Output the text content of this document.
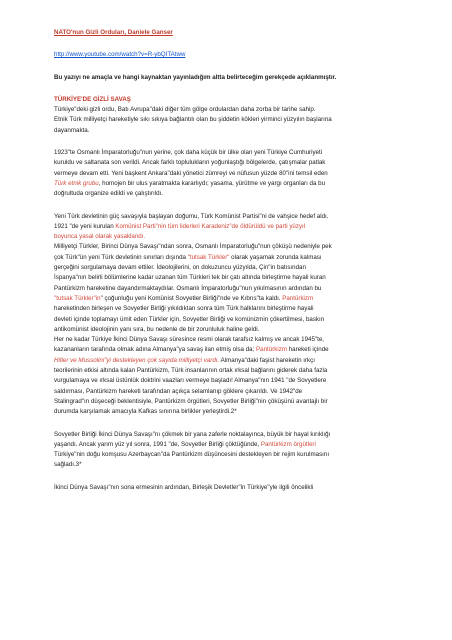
NATO'nun Gizli Orduları, Daniele Ganser
http://www.youtube.com/watch?v=R-ybQITAtww
Bu yazıyı ne amaçla ve hangi kaynaktan yayınladığım altta belirteceğim gerekçede açıklanmıştır.
TÜRKİYE'DE GİZLİ SAVAŞ
Türkiye"deki gizli ordu, Batı Avrupa"daki diğer tüm gölge ordulardan daha zorba bir tarihe sahip.
Etnik Türk milliyetçi hareketiyle sıkı sıkıya bağlantılı olan bu şiddetin kökleri yirminci yüzyılın başlarına
dayanmakta.
1923"te Osmanlı İmparatorluğu"nun yerine, çok daha küçük bir ülke olan yeni Türkiye Cumhuriyeti
kuruldu ve saltanata son verildi. Ancak farklı toplulukların yoğunlaştığı bölgelerde, çatışmalar patlak
vermeye devam etti. Yeni başkent Ankara"daki yönetici zümreyi ve nüfusun yüzde 80"ini temsil eden
Türk etnik grubu, homojen bir ulus yaratmakta kararlıydı; yasama, yürütme ve yargı organları da bu
doğrultuda organize edildi ve çalıştırıldı.
Yeni Türk devletinin güç savaşıyla başlayan doğumu, Türk Komünist Partisi"ni de vahşice hedef aldı.
1921 "de yeni kurulan Komünist Parti"nin tüm liderleri Karadeniz"de öldürüldü ve parti yüzyıl
boyunca yasal olarak yasaklandı.
Milliyetçi Türkler, Birinci Dünya Savaşı"ndan sonra, Osmanlı İmparatorluğu"nun çöküşü nedeniyle pek
çok Türk"ün yeni Türk devletinin sınırları dışında "tutsak Türkler" olarak yaşamak zorunda kalması
gerçeğini sorgulamaya devam ettiler. İdeolojilerini, on dokuzuncu yüzyılda, Çin"in batısından
İspanya"nın belirli bölümlerine kadar uzanan tüm Türkleri tek bir çatı altında birleştirme hayali kuran
Pantürkizm hareketine dayandırmaktaydılar. Osmanlı İmparatorluğu"nun yıkılmasının ardından bu
"tutsak Türkler"in" çoğunluğu yeni Komünist Sovyetler Birliği"nde ve Kıbrıs"ta kaldı. Pantürkizm
hareketinden birleşen ve Sovyetler Birliği yıkıldıktan sonra tüm Türk halklarını birleştirme hayali
devleti içinde toplamayı ümit eden Türkler için, Sovyetler Birliği ve komünizmin çökertilmesi, baskın
antikomünist ideolojinin yanı sıra, bu nedenle de bir zorunluluk haline geldi.
Her ne kadar Türkiye İkinci Dünya Savaşı süresince resmi olarak tarafsız kalmış ve ancak 1945"te,
kazananların tarafında olmak adına Almanya"ya savaş ilan etmiş olsa da; Pantürkizm hareketi içinde
Hitler ve Mussolini"yi destekleyen çok sayıda milliyetçi vardı. Almanya"daki faşist hareketin ırkçı
teorilerinin etkisi altında kalan Pantürkizm, Türk insanlarının ortak ırksal bağlarını giderek daha fazla
vurgulamaya ve ırksal üstünlük doktrini vaazları vermeye başladı! Almanya"nın 1941 "de Sovyetlere
saldırması, Pantürkizm hareketi tarafından açıkça selamlanıp göklere çıkarıldı. Ve 1942"de
Stalingrad"ın düşeceği beklentisiyle, Pantürkizm örgütleri, Sovyetler Birliği"nin çöküşünü avantajlı bir
durumda karşılamak amacıyla Kafkas sınırına birlikler yerleştirdi.2*
Sovyetler Birliği İkinci Dünya Savaşı"nı çökmek bir yana zaferle noktalayınca, büyük bir hayal kırıklığı
yaşandı. Ancak yarım yüz yıl sonra, 1991 "de, Sovyetler Birliği çöktüğünde, Pantürkizm örgütleri
Türkiye"nin doğu komşusu Azerbaycan"da Pantürkizm düşüncesini destekleyen bir rejim kurulmasını
sağladı.3*
İkinci Dünya Savaşı"nın sona ermesinin ardından, Birleşik Devletler"in Türkiye"yle ilgili öncelikli
